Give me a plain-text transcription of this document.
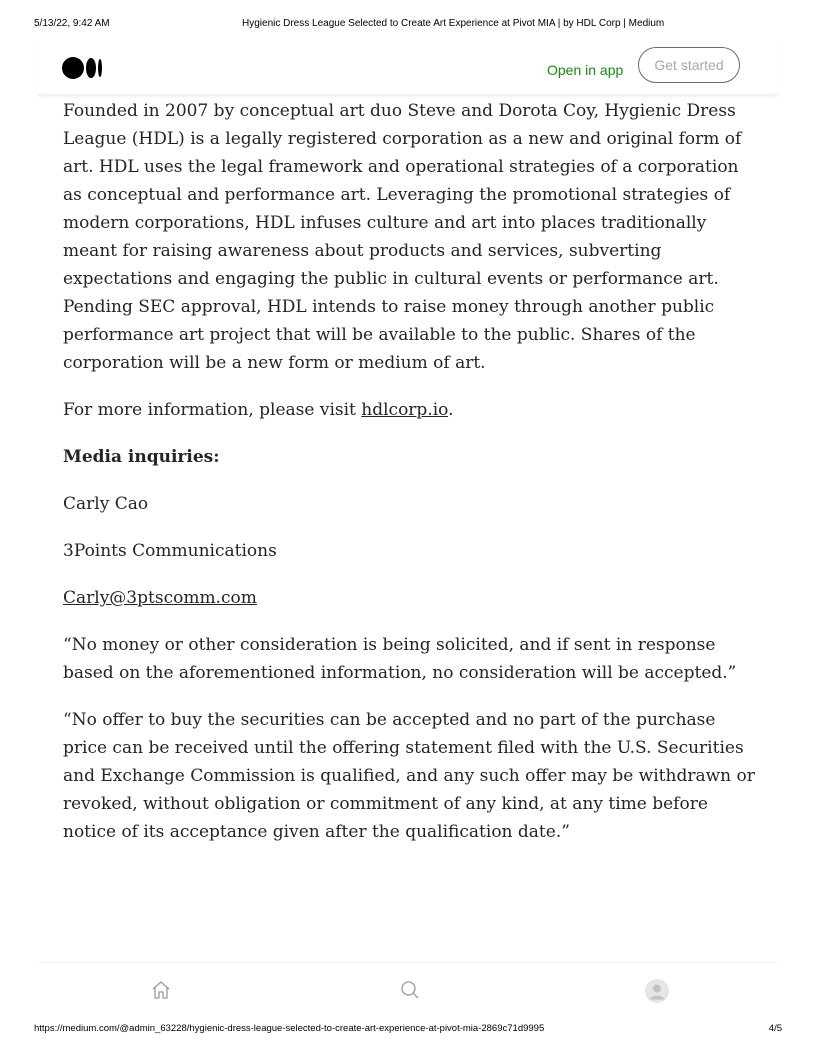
5/13/22, 9:42 AM	Hygienic Dress League Selected to Create Art Experience at Pivot MIA | by HDL Corp | Medium
Open in app	Get started

Founded in 2007 by conceptual art duo Steve and Dorota Coy, Hygienic Dress League (HDL) is a legally registered corporation as a new and original form of art. HDL uses the legal framework and operational strategies of a corporation as conceptual and performance art. Leveraging the promotional strategies of modern corporations, HDL infuses culture and art into places traditionally meant for raising awareness about products and services, subverting expectations and engaging the public in cultural events or performance art. Pending SEC approval, HDL intends to raise money through another public performance art project that will be available to the public. Shares of the corporation will be a new form or medium of art.

For more information, please visit hdlcorp.io.

Media inquiries:

Carly Cao

3Points Communications

Carly@3ptscomm.com

“No money or other consideration is being solicited, and if sent in response based on the aforementioned information, no consideration will be accepted.”

“No offer to buy the securities can be accepted and no part of the purchase price can be received until the offering statement filed with the U.S. Securities and Exchange Commission is qualified, and any such offer may be withdrawn or revoked, without obligation or commitment of any kind, at any time before notice of its acceptance given after the qualification date.”

https://medium.com/@admin_63228/hygienic-dress-league-selected-to-create-art-experience-at-pivot-mia-2869c71d9995	4/5
